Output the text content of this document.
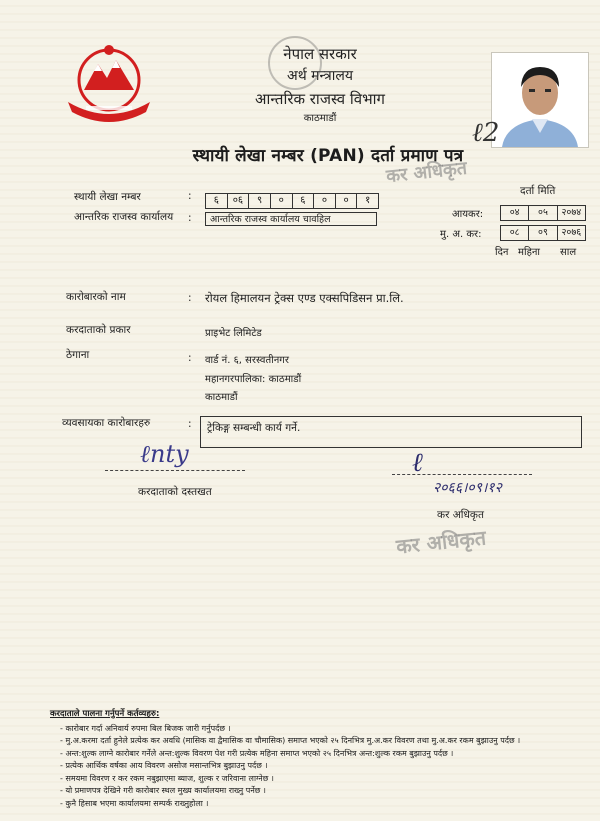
नेपाल सरकार
अर्थ मन्त्रालय
आन्तरिक राजस्व विभाग
काठमाडौं	ℓ2
स्थायी लेखा नम्बर (PAN) दर्ता प्रमाण पत्र
कर अधिकृत
स्थायी लेखा नम्बर	:	६	०६	९	०	६	०	०	१
आन्तरिक राजस्व कार्यालय :	आन्तरिक राजस्व कार्यालय चावहिल
दर्ता मिति
आयकर:	०४	०५	२०७४
मु. अ. कर:	०८	०९	२०७६
दिन महिना साल
कारोबारको नाम	: रोयल हिमालयन ट्रेक्स एण्ड एक्सपिडिसन प्रा.लि.
करदाताको प्रकार	प्राइभेट लिमिटेड
ठेगाना	: वार्ड नं. ६, सरस्वतीनगर
महानगरपालिका: काठमाडौं
काठमाडौं
व्यवसायका कारोबारहरु	:	ट्रेकिङ्ग सम्बन्धी कार्य गर्ने.
ℓnty
करदाताको दस्तखत
ℓ
२०६६।०९।१२
कर अधिकृत
कर अधिकृत
करदाताले पालना गर्नुपर्ने कर्तव्यहरु:
- कारोबार गर्दा अनिवार्य रुपमा बिल बिजक जारी गर्नुपर्दछ ।
- मु.अ.करमा दर्ता हुनेले प्रत्येक कर अवधि (मासिक वा द्वैमासिक वा चौमासिक) समाप्त भएको २५ दिनभित्र मु.अ.कर विवरण तथा मु.अ.कर रकम बुझाउनु पर्दछ ।
- अन्त:शुल्क लाग्ने कारोबार गर्नेले अन्त:शुल्क विवरण पेश गरी प्रत्येक महिना समाप्त भएको २५ दिनभित्र अन्त:शुल्क रकम बुझाउनु पर्दछ ।
- प्रत्येक आर्थिक वर्षका आय विवरण असोज मसान्तभित्र बुझाउनु पर्दछ ।
- समयमा विवरण र कर रकम नबुझाएमा ब्याज, शुल्क र जरिवाना लाग्नेछ ।
- यो प्रमाणपत्र देखिने गरी कारोबार स्थल मुख्य कार्यालयमा राख्नु पर्नेछ ।
- कुनै हिसाब भएमा कार्यालयमा सम्पर्क राख्नुहोला ।
